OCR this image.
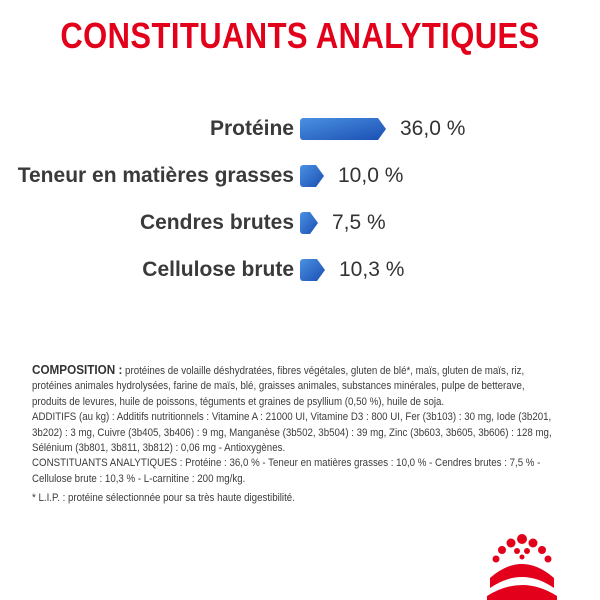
CONSTITUANTS ANALYTIQUES
Protéine	36,0 %
Teneur en matières grasses 10,0 %
Cendres brutes 7,5 %
Cellulose brute 10,3 %
COMPOSITION : protéines de volaille déshydratées, fibres végétales, gluten de blé*, maïs, gluten de maïs, riz,
protéines animales hydrolysées, farine de maïs, blé, graisses animales, substances minérales, pulpe de betterave,
produits de levures, huile de poissons, téguments et graines de psyllium (0,50 %), huile de soja.
ADDITIFS (au kg) : Additifs nutritionnels : Vitamine A : 21000 UI, Vitamine D3 : 800 UI, Fer (3b103) : 30 mg, Iode (3b201,
3b202) : 3 mg, Cuivre (3b405, 3b406) : 9 mg, Manganèse (3b502, 3b504) : 39 mg, Zinc (3b603, 3b605, 3b606) : 128 mg,
Sélénium (3b801, 3b811, 3b812) : 0,06 mg - Antioxygènes.
CONSTITUANTS ANALYTIQUES : Protéine : 36,0 % - Teneur en matières grasses : 10,0 % - Cendres brutes : 7,5 % -
Cellulose brute : 10,3 % - L-carnitine : 200 mg/kg.
* L.I.P. : protéine sélectionnée pour sa très haute digestibilité.
